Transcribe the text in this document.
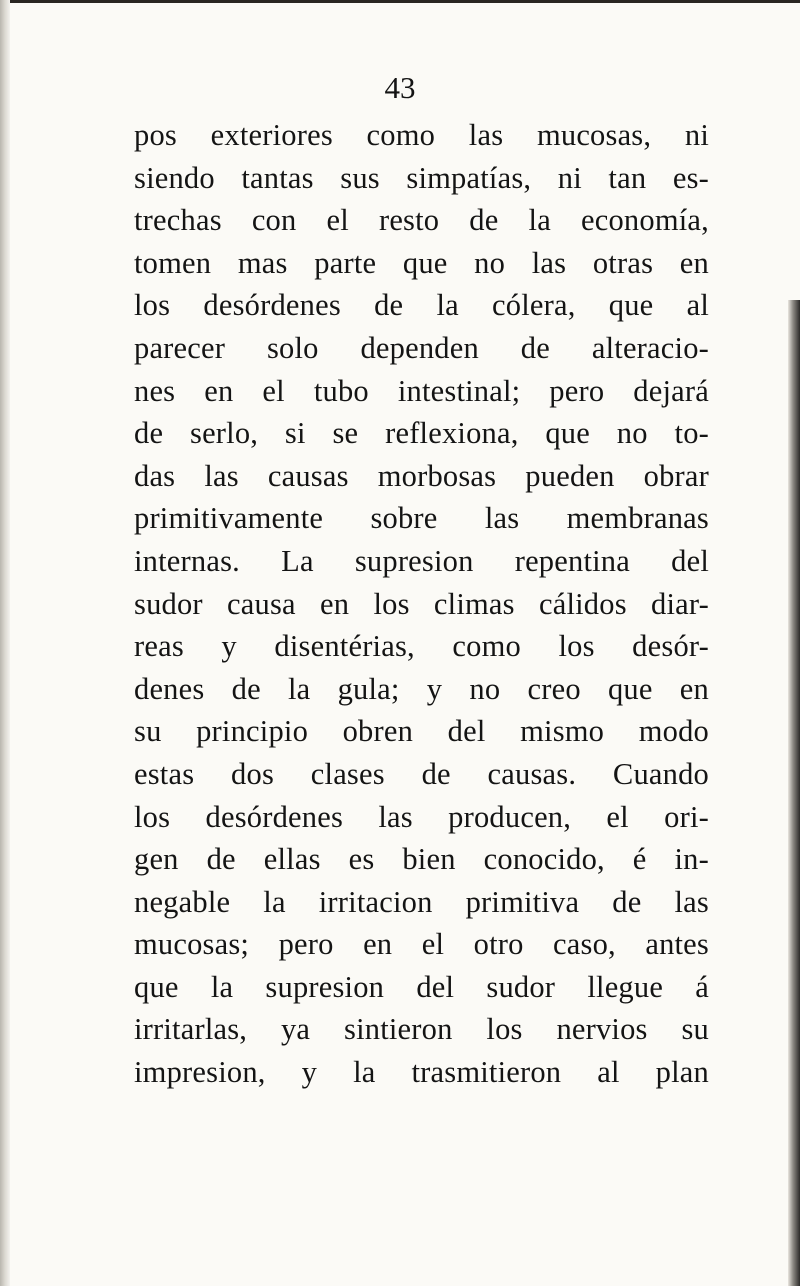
43
pos exteriores como las mucosas, ni
siendo tantas sus simpatías, ni tan es-
trechas con el resto de la economía,
tomen mas parte que no las otras en
los desórdenes de la cólera, que al
parecer solo dependen de alteracio-
nes en el tubo intestinal; pero dejará
de serlo, si se reflexiona, que no to-
das las causas morbosas pueden obrar
primitivamente sobre las membranas
internas. La supresion repentina del
sudor causa en los climas cálidos diar-
reas y disentérias, como los desór-
denes de la gula; y no creo que en
su principio obren del mismo modo
estas dos clases de causas. Cuando
los desórdenes las producen, el ori-
gen de ellas es bien conocido, é in-
negable la irritacion primitiva de las
mucosas; pero en el otro caso, antes
que la supresion del sudor llegue á
irritarlas, ya sintieron los nervios su
impresion, y la trasmitieron al plan
